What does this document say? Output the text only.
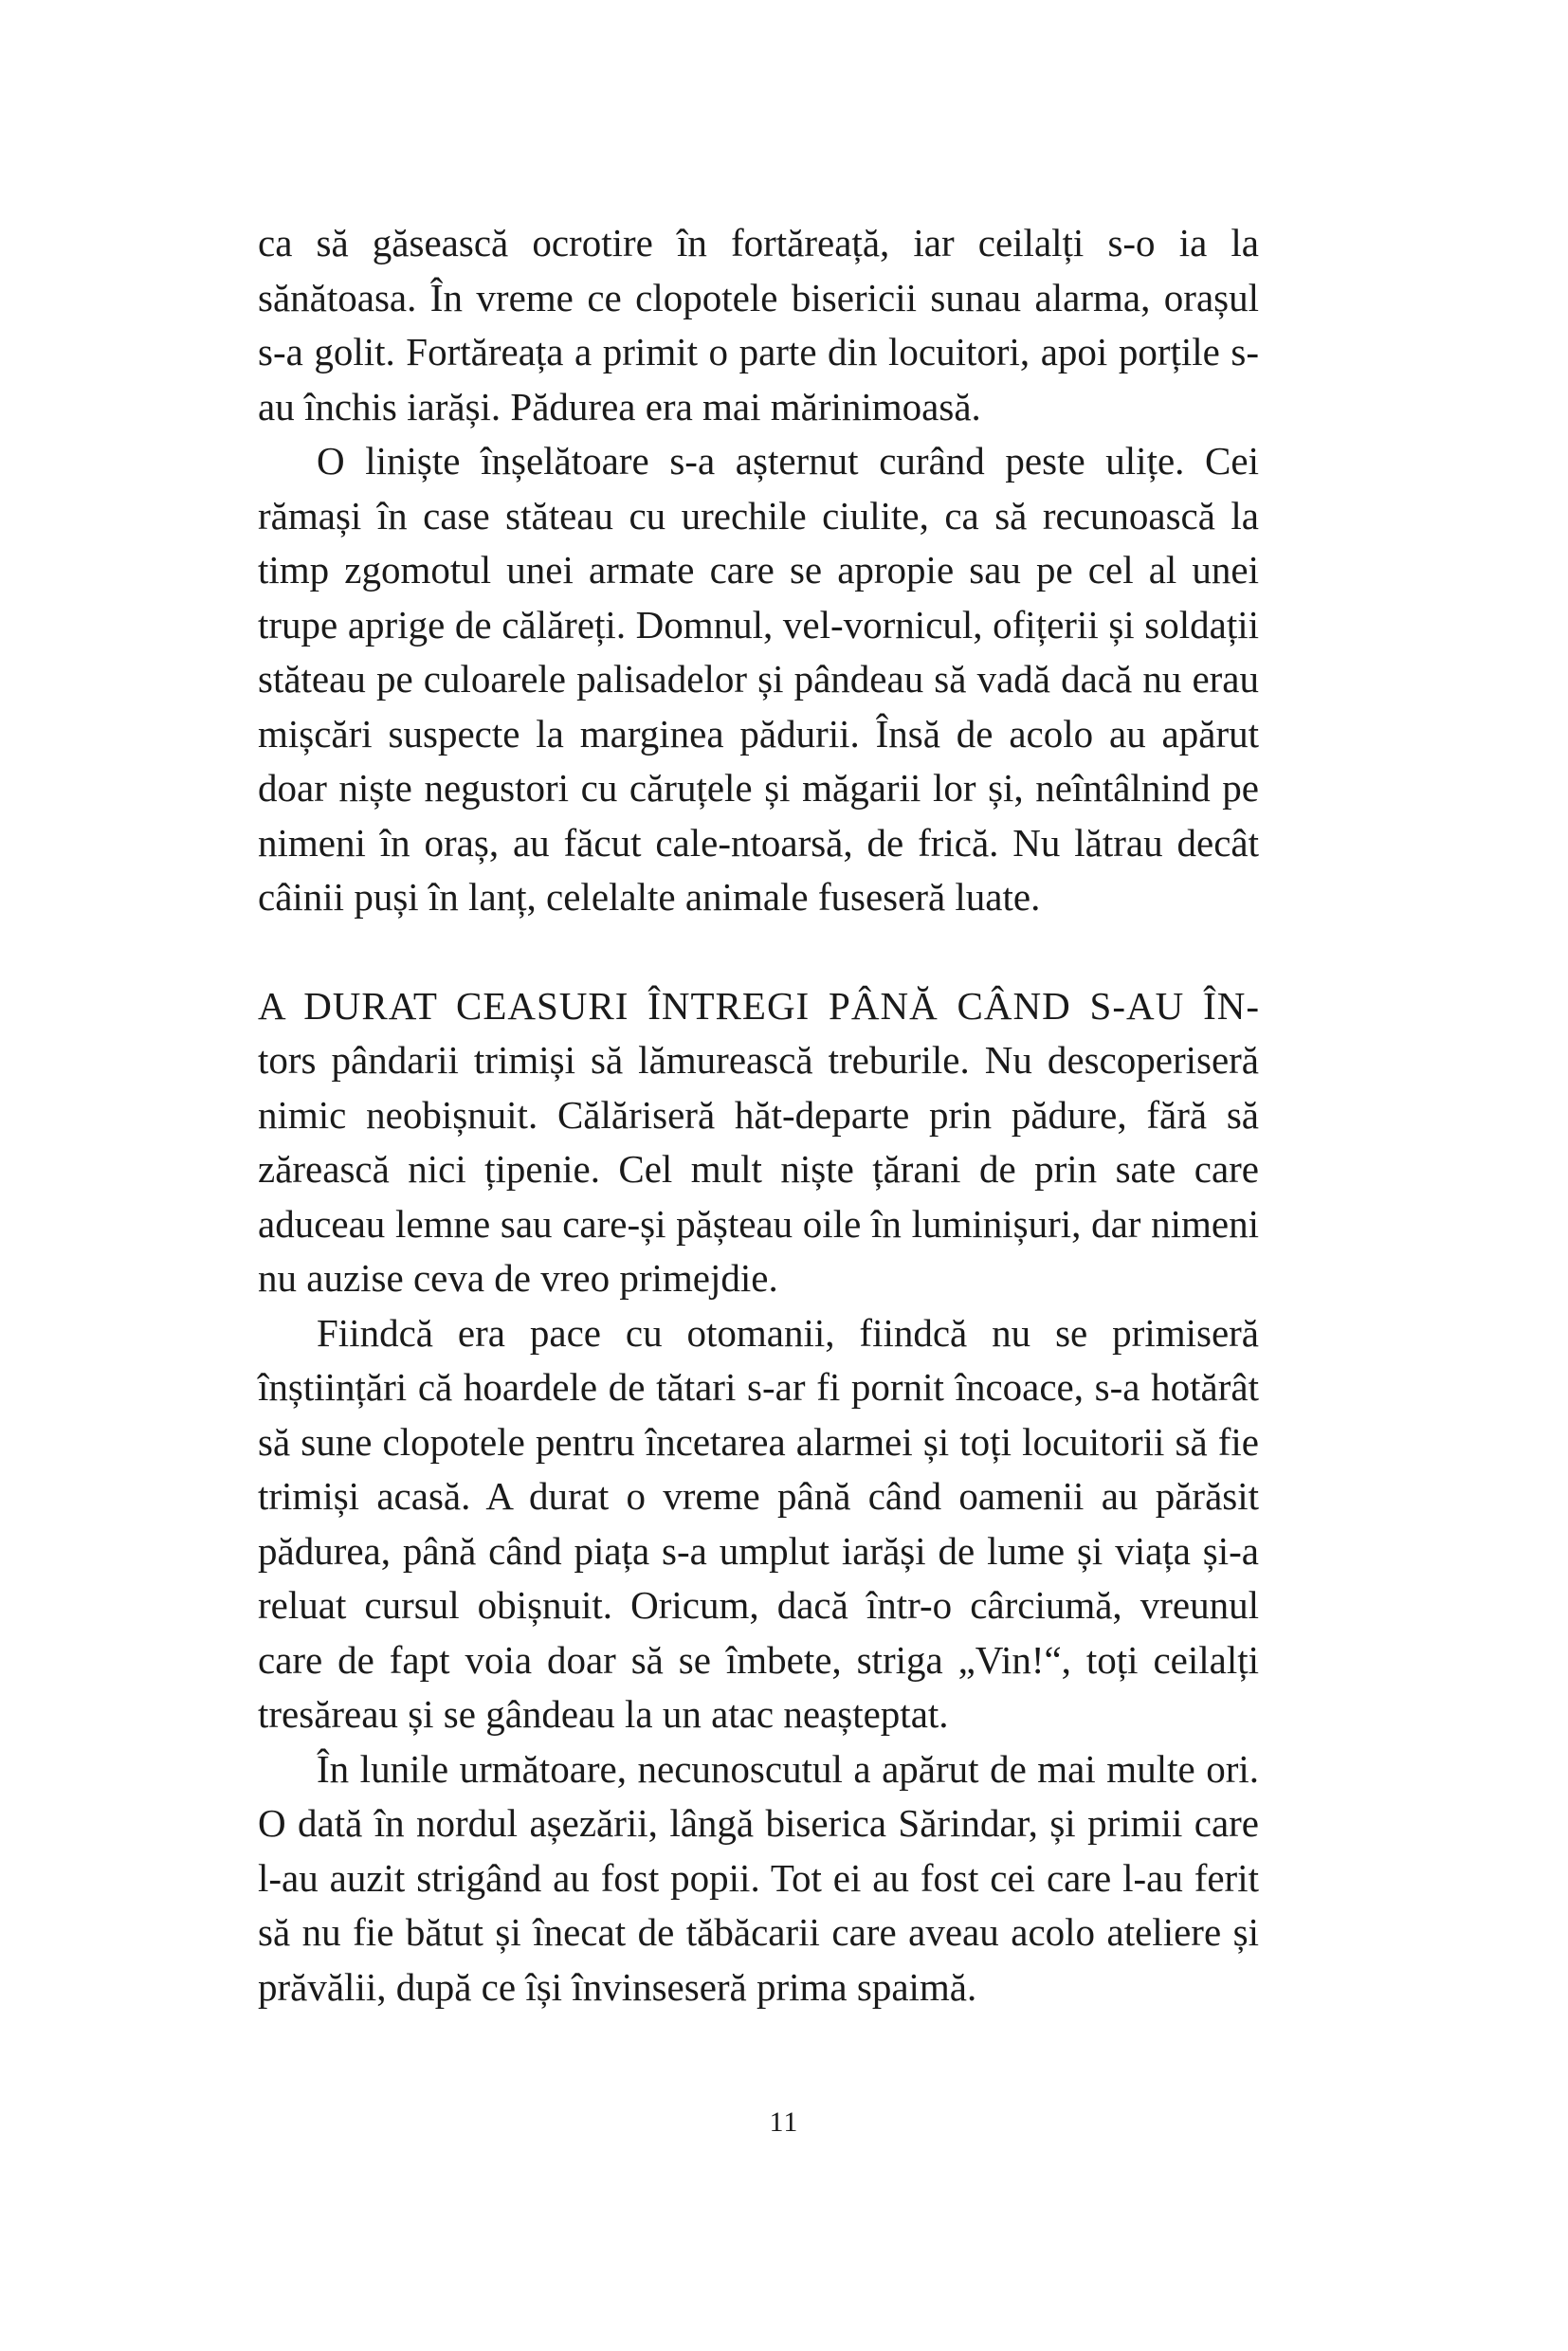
ca să găsească ocrotire în fortăreață, iar ceilalți s-o ia la sănătoasa. În vreme ce clopotele bisericii sunau alarma, orașul s-a golit. Fortăreața a primit o parte din locuitori, apoi porțile s-au închis iarăși. Pădurea era mai mărinimoasă.

O liniște înșelătoare s-a așternut curând peste ulițe. Cei rămași în case stăteau cu urechile ciulite, ca să recunoască la timp zgomotul unei armate care se apropie sau pe cel al unei trupe aprige de călăreți. Domnul, vel-vornicul, ofițerii și soldații stăteau pe culoarele palisadelor și pândeau să vadă dacă nu erau mișcări suspecte la marginea pădurii. Însă de acolo au apărut doar niște negustori cu căruțele și măgarii lor și, neîntâlnind pe nimeni în oraș, au făcut cale-ntoarsă, de frică. Nu lătrau decât câinii puși în lanț, celelalte animale fuseseră luate.

A DURAT CEASURI ÎNTREGI PÂNĂ CÂND S-AU ÎN-tors pândarii trimiși să lămurească treburile. Nu descoperiseră nimic neobișnuit. Călăriseră hăt-departe prin pădure, fără să zărească nici țipenie. Cel mult niște țărani de prin sate care aduceau lemne sau care-și pășteau oile în luminișuri, dar nimeni nu auzise ceva de vreo primejdie.

Fiindcă era pace cu otomanii, fiindcă nu se primiseră înștiințări că hoardele de tătari s-ar fi pornit încoace, s-a hotărât să sune clopotele pentru încetarea alarmei și toți locuitorii să fie trimiși acasă. A durat o vreme până când oamenii au părăsit pădurea, până când piața s-a umplut iarăși de lume și viața și-a reluat cursul obișnuit. Oricum, dacă într-o cârciumă, vreunul care de fapt voia doar să se îmbete, striga „Vin!“, toți ceilalți tresăreau și se gândeau la un atac neașteptat.

În lunile următoare, necunoscutul a apărut de mai multe ori. O dată în nordul așezării, lângă biserica Sărindar, și primii care l-au auzit strigând au fost popii. Tot ei au fost cei care l-au ferit să nu fie bătut și înecat de tăbăcarii care aveau acolo ateliere și prăvălii, după ce își învinseseră prima spaimă.

11
